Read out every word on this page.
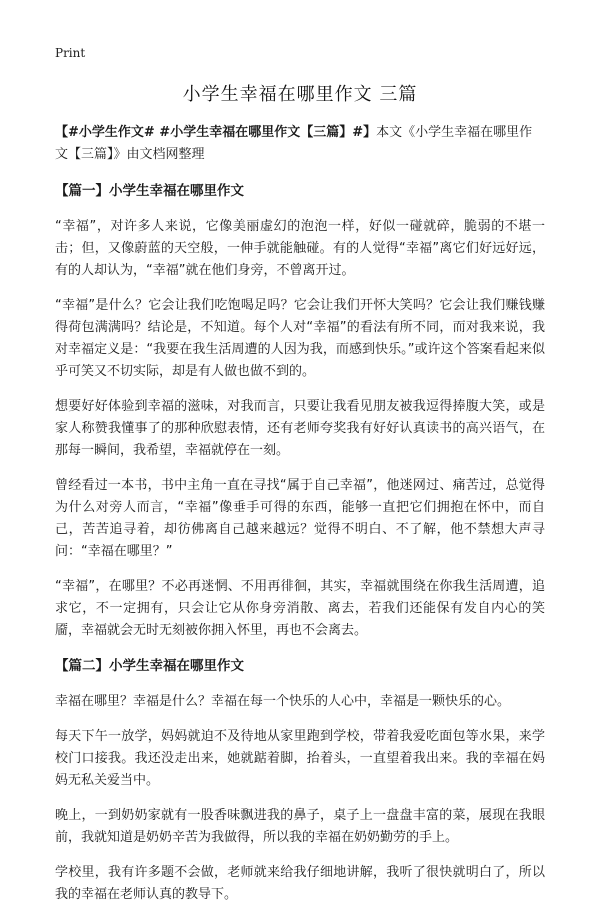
Print
小学生幸福在哪里作文 三篇

【#小学生作文# #小学生幸福在哪里作文【三篇】#】本文《小学生幸福在哪里作文【三篇】》由文档网整理

【篇一】小学生幸福在哪里作文

“幸福”，对许多人来说，它像美丽虚幻的泡泡一样，好似一碰就碎，脆弱的不堪一击；但，又像蔚蓝的天空般，一伸手就能触碰。有的人觉得“幸福”离它们好远好远，有的人却认为，“幸福”就在他们身旁，不曾离开过。

“幸福”是什么？它会让我们吃饱喝足吗？它会让我们开怀大笑吗？它会让我们赚钱赚得荷包满满吗？结论是，不知道。每个人对“幸福”的看法有所不同，而对我来说，我对幸福定义是：“我要在我生活周遭的人因为我，而感到快乐。”或许这个答案看起来似乎可笑又不切实际，却是有人做也做不到的。

想要好好体验到幸福的滋味，对我而言，只要让我看见朋友被我逗得捧腹大笑，或是家人称赞我懂事了的那种欣慰表情，还有老师夸奖我有好好认真读书的高兴语气，在那每一瞬间，我希望，幸福就停在一刻。

曾经看过一本书，书中主角一直在寻找“属于自己幸福”，他迷网过、痛苦过，总觉得为什么对旁人而言，“幸福”像垂手可得的东西，能够一直把它们拥抱在怀中，而自己，苦苦追寻着，却彷佛离自己越来越远？觉得不明白、不了解，他不禁想大声寻问：“幸福在哪里？”

“幸福”，在哪里？不必再迷惘、不用再徘徊，其实，幸福就围绕在你我生活周遭，追求它，不一定拥有，只会让它从你身旁消散、离去，若我们还能保有发自内心的笑靥，幸福就会无时无刻被你拥入怀里，再也不会离去。

【篇二】小学生幸福在哪里作文

幸福在哪里？幸福是什么？幸福在每一个快乐的人心中，幸福是一颗快乐的心。

每天下午一放学，妈妈就迫不及待地从家里跑到学校，带着我爱吃面包等水果，来学校门口接我。我还没走出来，她就踮着脚，抬着头，一直望着我出来。我的幸福在妈妈无私关爱当中。

晚上，一到奶奶家就有一股香味飘进我的鼻子，桌子上一盘盘丰富的菜，展现在我眼前，我就知道是奶奶辛苦为我做得，所以我的幸福在奶奶勤劳的手上。

学校里，我有许多题不会做，老师就来给我仔细地讲解，我听了很快就明白了，所以我的幸福在老师认真的教导下。
